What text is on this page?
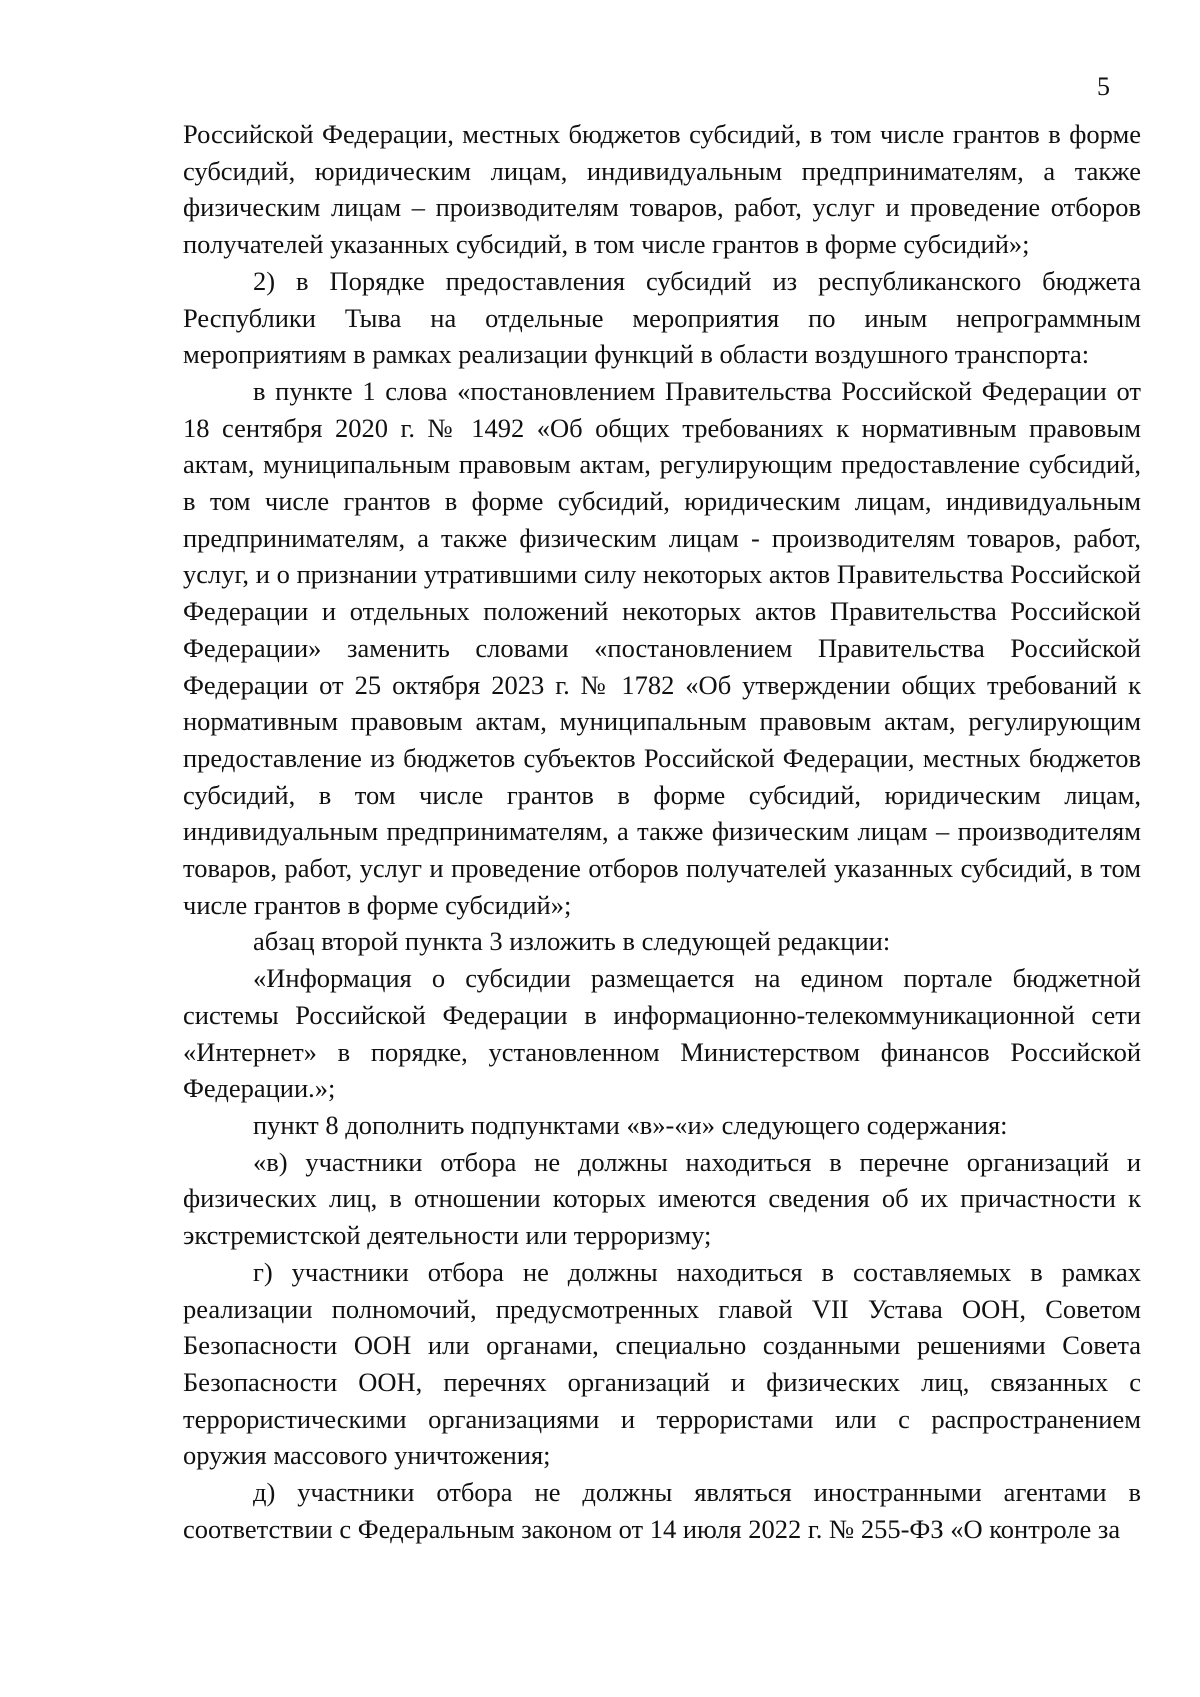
5

Российской Федерации, местных бюджетов субсидий, в том числе грантов в форме субсидий, юридическим лицам, индивидуальным предпринимателям, а также физическим лицам – производителям товаров, работ, услуг и проведение отборов получателей указанных субсидий, в том числе грантов в форме субсидий»;

2) в Порядке предоставления субсидий из республиканского бюджета Республики Тыва на отдельные мероприятия по иным непрограммным мероприятиям в рамках реализации функций в области воздушного транспорта:

в пункте 1 слова «постановлением Правительства Российской Федерации от 18 сентября 2020 г. № 1492 «Об общих требованиях к нормативным правовым актам, муниципальным правовым актам, регулирующим предоставление субсидий, в том числе грантов в форме субсидий, юридическим лицам, индивидуальным предпринимателям, а также физическим лицам - производителям товаров, работ, услуг, и о признании утратившими силу некоторых актов Правительства Российской Федерации и отдельных положений некоторых актов Правительства Российской Федерации» заменить словами «постановлением Правительства Российской Федерации от 25 октября 2023 г. № 1782 «Об утверждении общих требований к нормативным правовым актам, муниципальным правовым актам, регулирующим предоставление из бюджетов субъектов Российской Федерации, местных бюджетов субсидий, в том числе грантов в форме субсидий, юридическим лицам, индивидуальным предпринимателям, а также физическим лицам – производителям товаров, работ, услуг и проведение отборов получателей указанных субсидий, в том числе грантов в форме субсидий»;

абзац второй пункта 3 изложить в следующей редакции:

«Информация о субсидии размещается на едином портале бюджетной системы Российской Федерации в информационно-телекоммуникационной сети «Интернет» в порядке, установленном Министерством финансов Российской Федерации.»;

пункт 8 дополнить подпунктами «в»-«и» следующего содержания:

«в) участники отбора не должны находиться в перечне организаций и физических лиц, в отношении которых имеются сведения об их причастности к экстремистской деятельности или терроризму;

г) участники отбора не должны находиться в составляемых в рамках реализации полномочий, предусмотренных главой VII Устава ООН, Советом Безопасности ООН или органами, специально созданными решениями Совета Безопасности ООН, перечнях организаций и физических лиц, связанных с террористическими организациями и террористами или с распространением оружия массового уничтожения;

д) участники отбора не должны являться иностранными агентами в соответствии с Федеральным законом от 14 июля 2022 г. № 255-ФЗ «О контроле за
